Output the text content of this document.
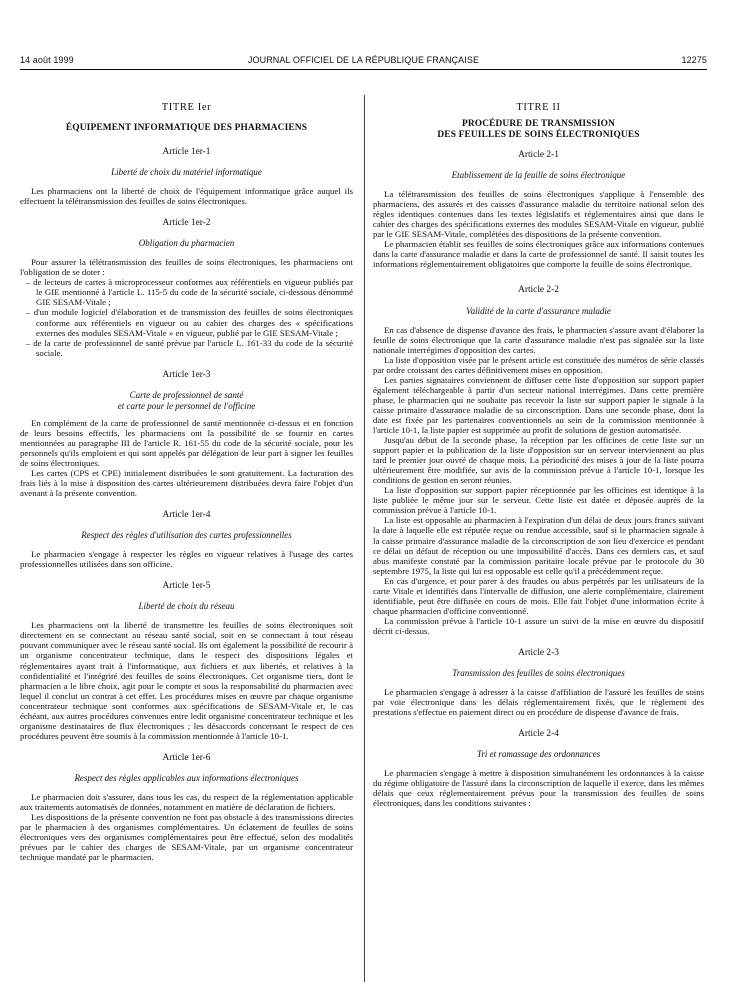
14 août 1999	JOURNAL OFFICIEL DE LA RÉPUBLIQUE FRANÇAISE	12275
TITRE Ier
ÉQUIPEMENT INFORMATIQUE DES PHARMACIENS
Article 1er-1
Liberté de choix du matériel informatique

Les pharmaciens ont la liberté de choix de l'équipement informatique grâce auquel ils effectuent la télétransmission des feuilles de soins électroniques.

Article 1er-2
Obligation du pharmacien

Pour assurer la télétransmission des feuilles de soins électroniques, les pharmaciens ont l'obligation de se doter :

– de lecteurs de cartes à microprocesseur conformes aux référentiels en vigueur publiés par le GIE mentionné à l'article L. 115-5 du code de la sécurité sociale, ci-dessous dénommé GIE SESAM-Vitale ;
– d'un module logiciel d'élaboration et de transmission des feuilles de soins électroniques conforme aux référentiels en vigueur ou au cahier des charges des « spécifications externes des modules SESAM-Vitale » en vigueur, publié par le GIE SESAM-Vitale ;
– de la carte de professionnel de santé prévue par l'article L. 161-33 du code de la sécurité sociale.
Article 1er-3
Carte de professionnel de santé
et carte pour le personnel de l'officine

En complément de la carte de professionnel de santé mentionnée ci-dessus et en fonction de leurs besoins effectifs, les pharmaciens ont la possibilité de se fournir en cartes mentionnées au paragraphe III de l'article R. 161-55 du code de la sécurité sociale, pour les personnels qu'ils emploient et qui sont appelés par délégation de leur part à signer les feuilles de soins électroniques.

Les cartes (CPS et CPE) initialement distribuées le sont gratuitement. La facturation des frais liés à la mise à disposition des cartes ultérieurement distribuées devra faire l'objet d'un avenant à la présente convention.

Article 1er-4
Respect des règles d'utilisation des cartes professionnelles

Le pharmacien s'engage à respecter les règles en vigueur relatives à l'usage des cartes professionnelles utilisées dans son officine.

Article 1er-5
Liberté de choix du réseau

Les pharmaciens ont la liberté de transmettre les feuilles de soins électroniques soit directement en se connectant au réseau santé social, soit en se connectant à tout réseau pouvant communiquer avec le réseau santé social. Ils ont également la possibilité de recourir à un organisme concentrateur technique, dans le respect des dispositions légales et réglementaires ayant trait à l'informatique, aux fichiers et aux libertés, et relatives à la confidentialité et l'intégrité des feuilles de soins électroniques. Cet organisme tiers, dont le pharmacien a le libre choix, agit pour le compte et sous la responsabilité du pharmacien avec lequel il conclut un contrat à cet effet. Les procédures mises en œuvre par chaque organisme concentrateur technique sont conformes aux spécifications de SESAM-Vitale et, le cas échéant, aux autres procédures convenues entre ledit organisme concentrateur technique et les organisme destinataires de flux électroniques ; les désaccords concernant le respect de ces procédures peuvent être soumis à la commission mentionnée à l'article 10-1.

Article 1er-6
Respect des règles applicables aux informations électroniques

Le pharmacien doit s'assurer, dans tous les cas, du respect de la réglementation applicable aux traitements automatisés de données, notamment en matière de déclaration de fichiers.

Les dispositions de la présente convention ne font pas obstacle à des transmissions directes par le pharmacien à des organismes complémentaires. Un éclatement de feuilles de soins électroniques vers des organismes complémentaires peut être effectué, selon des modalités prévues par le cahier des charges de SESAM-Vitale, par un organisme concentrateur technique mandaté par le pharmacien.

TITRE II
PROCÉDURE DE TRANSMISSION
DES FEUILLES DE SOINS ÉLECTRONIQUES
Article 2-1
Etablissement de la feuille de soins électronique

La télétransmission des feuilles de soins électroniques s'applique à l'ensemble des pharmaciens, des assurés et des caisses d'assurance maladie du territoire national selon des règles identiques contenues dans les textes législatifs et réglementaires ainsi que dans le cahier des charges des spécifications externes des modules SESAM-Vitale en vigueur, publié par le GIE SESAM-Vitale, complétées des dispositions de la présente convention.

Le pharmacien établit ses feuilles de soins électroniques grâce aux informations contenues dans la carte d'assurance maladie et dans la carte de professionnel de santé. Il saisit toutes les informations réglementairement obligatoires que comporte la feuille de soins électronique.

Article 2-2
Validité de la carte d'assurance maladie

En cas d'absence de dispense d'avance des frais, le pharmacien s'assure avant d'élaborer la feuille de soins électronique que la carte d'assurance maladie n'est pas signalée sur la liste nationale interrégimes d'opposition des cartes.

La liste d'opposition visée par le présent article est constituée des numéros de série classés par ordre croissant des cartes définitivement mises en opposition.

Les parties signataires conviennent de diffuser cette liste d'opposition sur support papier également téléchargeable à partir d'un secteur national interrégimes. Dans cette première phase, le pharmacien qui ne souhaite pas recevoir la liste sur support papier le signale à la caisse primaire d'assurance maladie de sa circonscription. Dans une seconde phase, dont la date est fixée par les partenaires conventionnels au sein de la commission mentionnée à l'article 10-1, la liste papier est supprimée au profit de solutions de gestion automatisée.

Jusqu'au début de la seconde phase, la réception par les officines de cette liste sur un support papier et la publication de la liste d'opposition sur un serveur interviennent au plus tard le premier jour ouvré de chaque mois. La périodicité des mises à jour de la liste pourra ultérieurement être modifiée, sur avis de la commission prévue à l'article 10-1, lorsque les conditions de gestion en seront réunies.

La liste d'opposition sur support papier réceptionnée par les officines est identique à la liste publiée le même jour sur le serveur. Cette liste est datée et déposée auprès de la commission prévue à l'article 10-1.

La liste est opposable au pharmacien à l'expiration d'un délai de deux jours francs suivant la date à laquelle elle est réputée reçue ou rendue accessible, sauf si le pharmacien signale à la caisse primaire d'assurance maladie de la circonscription de son lieu d'exercice et pendant ce délai un défaut de réception ou une impossibilité d'accès. Dans ces derniers cas, et sauf abus manifeste constaté par la commission paritaire locale prévue par le protocole du 30 septembre 1975, la liste qui lui est opposable est celle qu'il a précédemment reçue.

En cas d'urgence, et pour parer à des fraudes ou abus perpétrés par les utilisateurs de la carte Vitale et identifiés dans l'intervalle de diffusion, une alerte complémentaire, clairement identifiable, peut être diffusée en cours de mois. Elle fait l'objet d'une information écrite à chaque pharmacien d'officine conventionné.

La commission prévue à l'article 10-1 assure un suivi de la mise en œuvre du dispositif décrit ci-dessus.

Article 2-3
Transmission des feuilles de soins électroniques

Le pharmacien s'engage à adresser à la caisse d'affiliation de l'assuré les feuilles de soins par voie électronique dans les délais réglementairement fixés, que le règlement des prestations s'effectue en paiement direct ou en procédure de dispense d'avance de frais.

Article 2-4
Tri et ramassage des ordonnances

Le pharmacien s'engage à mettre à disposition simultanément les ordonnances à la caisse du régime obligatoire de l'assuré dans la circonscription de laquelle il exerce, dans les mêmes délais que ceux réglementairement prévus pour la transmission des feuilles de soins électroniques, dans les conditions suivantes :
